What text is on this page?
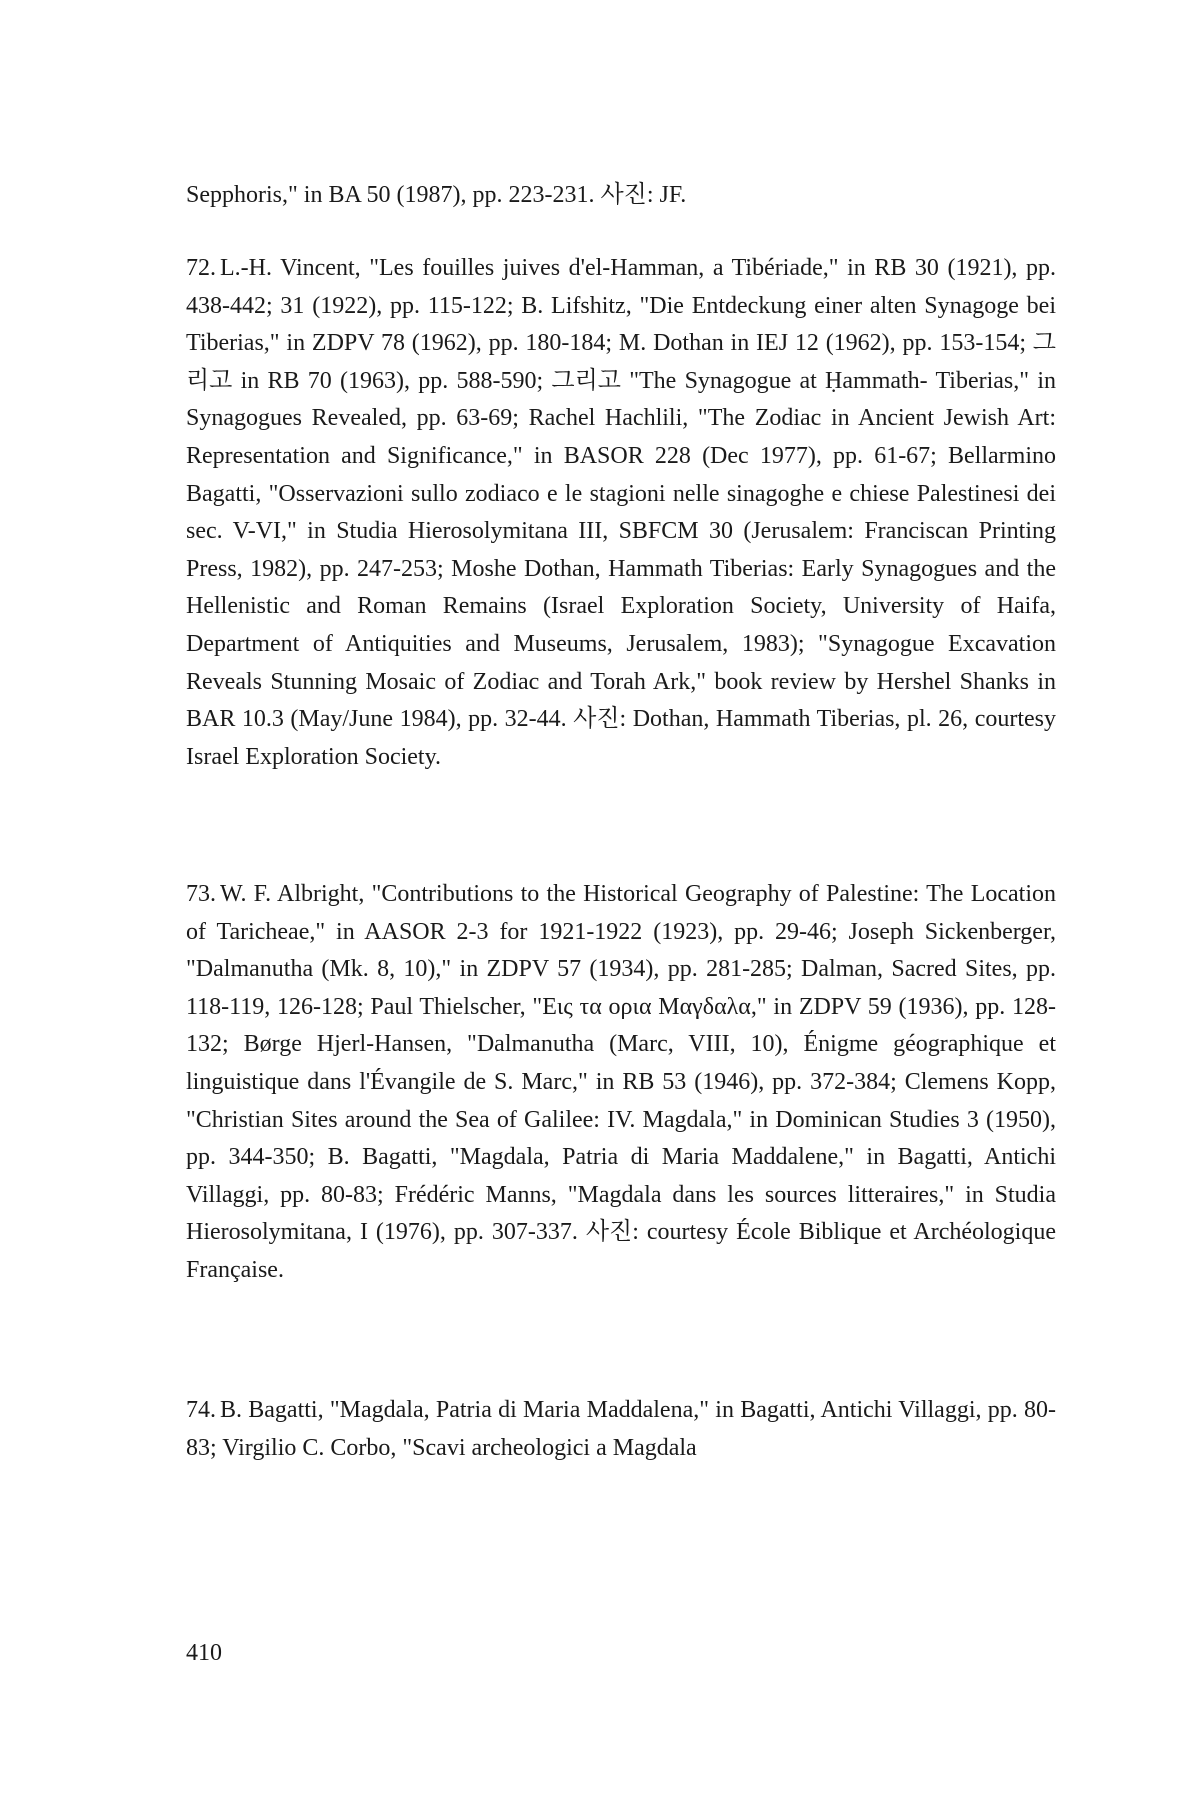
Sepphoris," in BA 50 (1987), pp. 223-231. 사진: JF.

72. L.-H. Vincent, "Les fouilles juives d'el-Hamman, a Tibériade," in RB 30 (1921), pp. 438-442; 31 (1922), pp. 115-122; B. Lifshitz, "Die Entdeckung einer alten Synagoge bei Tiberias," in ZDPV 78 (1962), pp. 180-184; M. Dothan in IEJ 12 (1962), pp. 153-154; 그리고 in RB 70 (1963), pp. 588-590; 그리고 "The Synagogue at Ḥammath- Tiberias," in Synagogues Revealed, pp. 63-69; Rachel Hachlili, "The Zodiac in Ancient Jewish Art: Representation and Significance," in BASOR 228 (Dec 1977), pp. 61-67; Bellarmino Bagatti, "Osservazioni sullo zodiaco e le stagioni nelle sinagoghe e chiese Palestinesi dei sec. V-VI," in Studia Hierosolymitana III, SBFCM 30 (Jerusalem: Franciscan Printing Press, 1982), pp. 247-253; Moshe Dothan, Hammath Tiberias: Early Synagogues and the Hellenistic and Roman Remains (Israel Exploration Society, University of Haifa, Department of Antiquities and Museums, Jerusalem, 1983); "Synagogue Excavation Reveals Stunning Mosaic of Zodiac and Torah Ark," book review by Hershel Shanks in BAR 10.3 (May/June 1984), pp. 32-44. 사진: Dothan, Hammath Tiberias, pl. 26, courtesy Israel Exploration Society.

73. W. F. Albright, "Contributions to the Historical Geography of Palestine: The Location of Taricheae," in AASOR 2-3 for 1921-1922 (1923), pp. 29-46; Joseph Sickenberger, "Dalmanutha (Mk. 8, 10)," in ZDPV 57 (1934), pp. 281-285; Dalman, Sacred Sites, pp. 118-119, 126-128; Paul Thielscher, "Εις τα ορια Μαγδαλα," in ZDPV 59 (1936), pp. 128-132; Børge Hjerl-Hansen, "Dalmanutha (Marc, VIII, 10), Énigme géographique et linguistique dans l'Évangile de S. Marc," in RB 53 (1946), pp. 372-384; Clemens Kopp, "Christian Sites around the Sea of Galilee: IV. Magdala," in Dominican Studies 3 (1950), pp. 344-350; B. Bagatti, "Magdala, Patria di Maria Maddalene," in Bagatti, Antichi Villaggi, pp. 80-83; Frédéric Manns, "Magdala dans les sources litteraires," in Studia Hierosolymitana, I (1976), pp. 307-337. 사진: courtesy École Biblique et Archéologique Française.

74. B. Bagatti, "Magdala, Patria di Maria Maddalena," in Bagatti, Antichi Villaggi, pp. 80-83; Virgilio C. Corbo, "Scavi archeologici a Magdala

410
